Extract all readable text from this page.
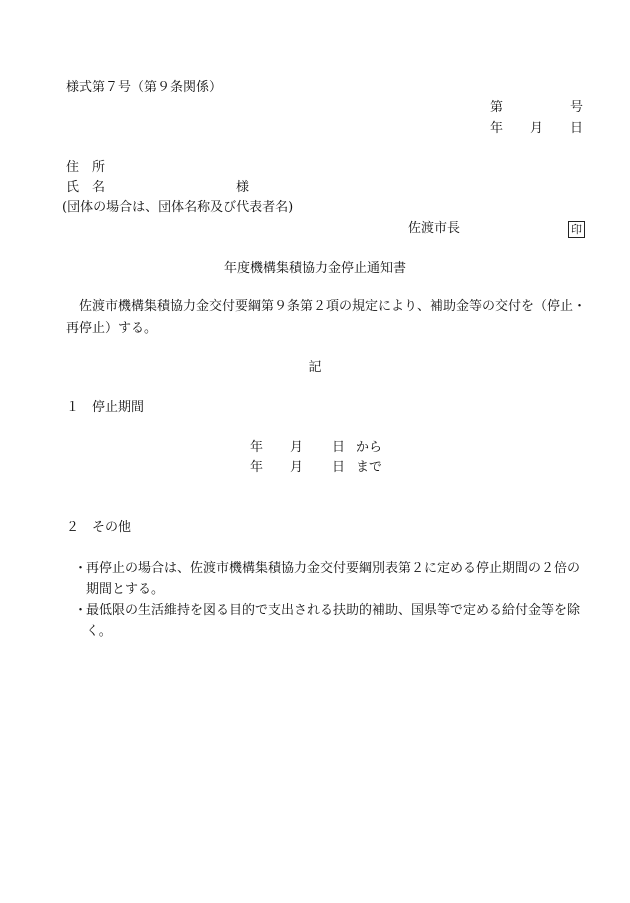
様式第７号（第９条関係）
第	号
年 月 日
住　所
氏　名	様
(団体の場合は、団体名称及び代表者名)
佐渡市長	印
年度機構集積協力金停止通知書
佐渡市機構集積協力金交付要綱第９条第２項の規定により、補助金等の交付を（停止・再停止）する。
記
１　停止期間
年 月 日 から
年 月 日 まで
２　その他
・
再停止の場合は、佐渡市機構集積協力金交付要綱別表第２に定める停止期間の２倍の期間とする。
・
最低限の生活維持を図る目的で支出される扶助的補助、国県等で定める給付金等を除く。
